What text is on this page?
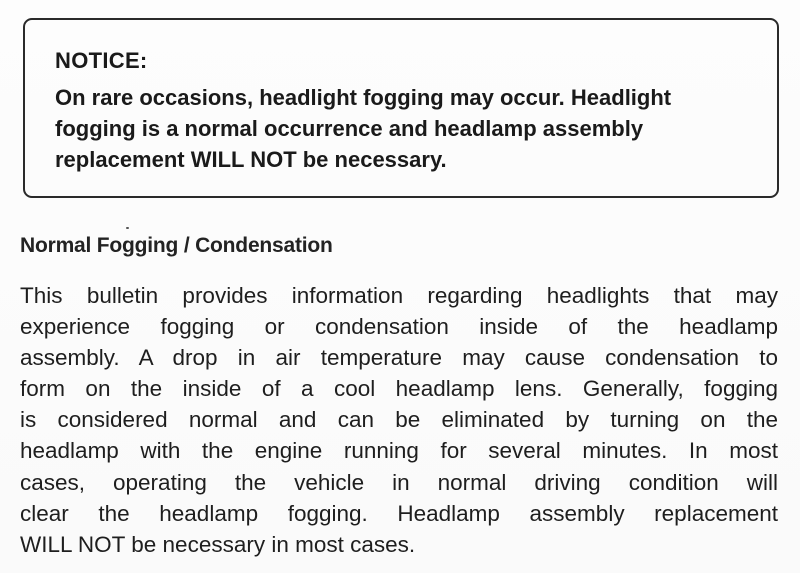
NOTICE:

On rare occasions, headlight fogging may occur. Headlight
fogging is a normal occurrence and headlamp assembly
replacement WILL NOT be necessary.

Normal Fogging / Condensation

This bulletin provides information regarding headlights that may
experience fogging or condensation inside of the headlamp
assembly. A drop in air temperature may cause condensation to
form on the inside of a cool headlamp lens. Generally, fogging
is considered normal and can be eliminated by turning on the
headlamp with the engine running for several minutes. In most
cases, operating the vehicle in normal driving condition will
clear the headlamp fogging. Headlamp assembly replacement
WILL NOT be necessary in most cases.
